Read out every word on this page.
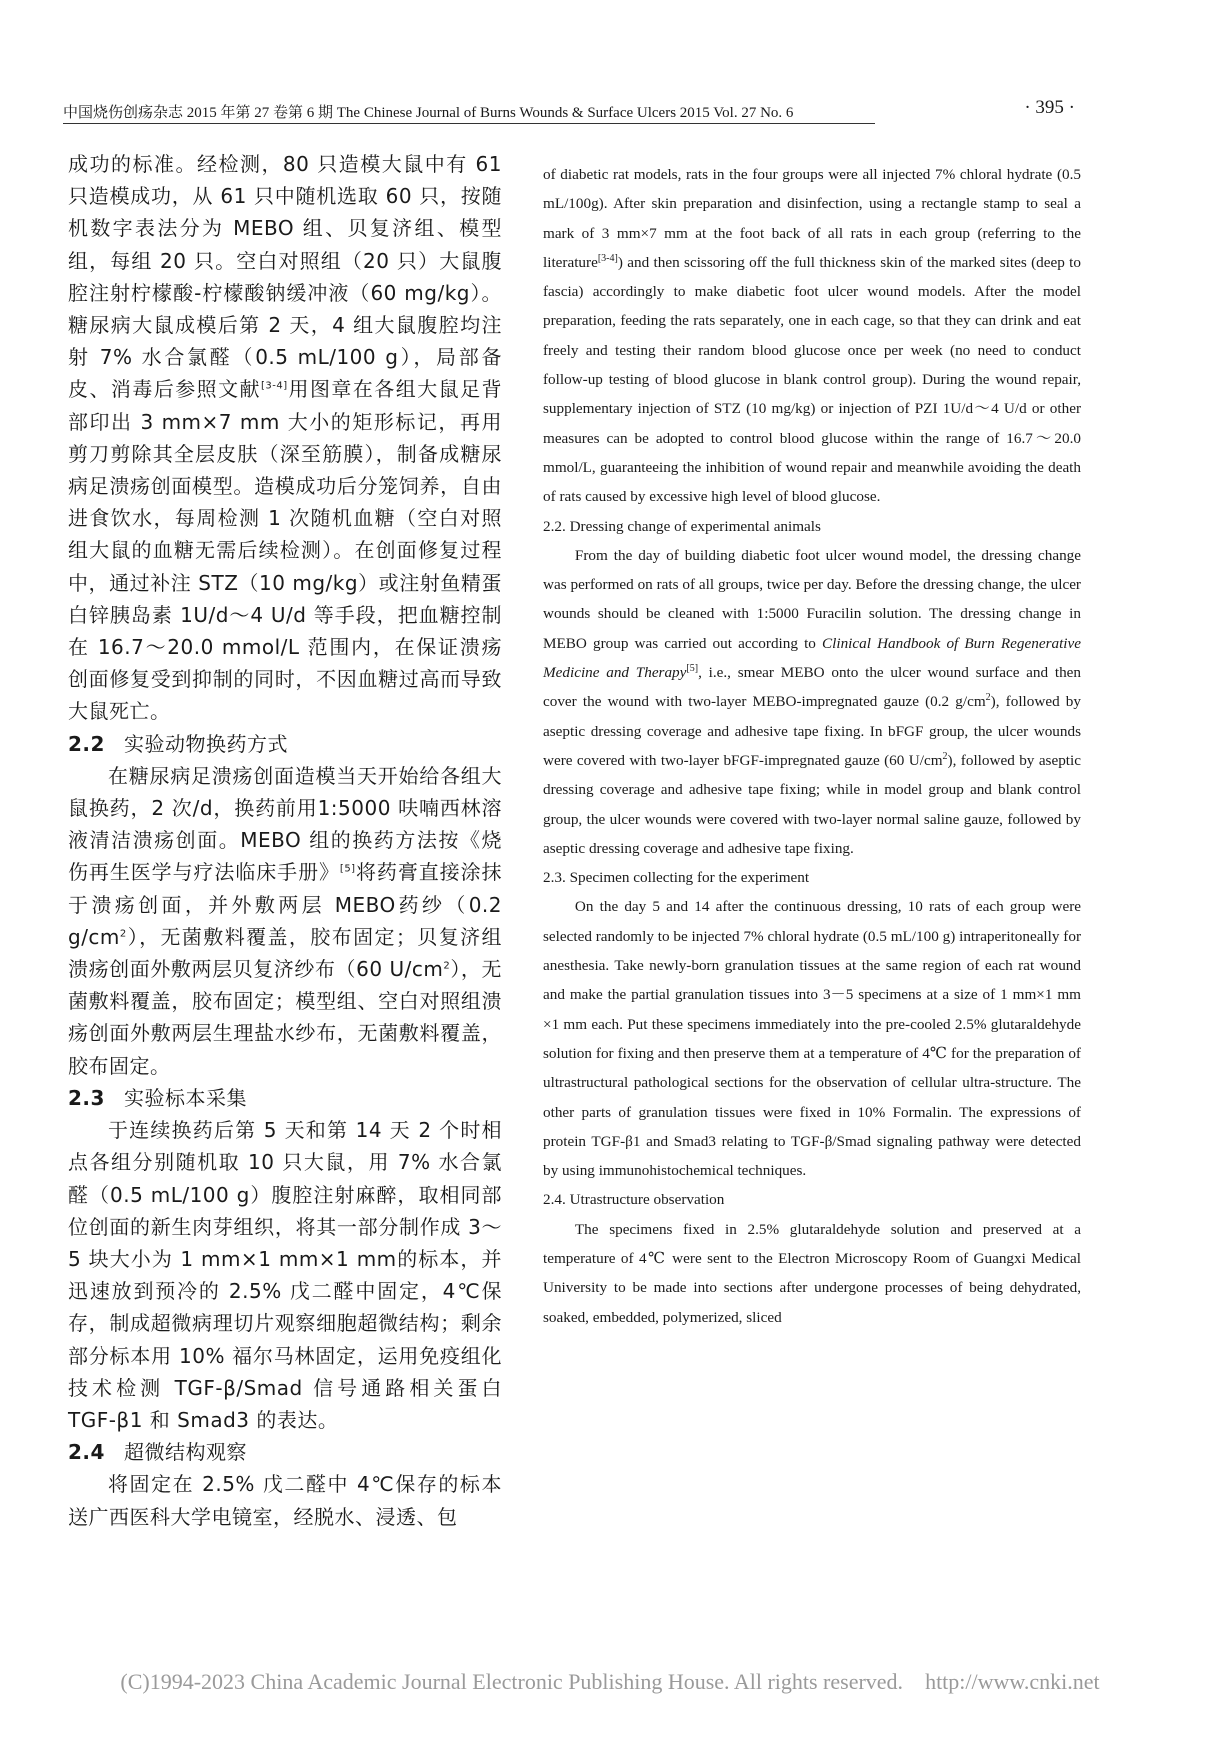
中国烧伤创疡杂志 2015 年第 27 卷第 6 期 The Chinese Journal of Burns Wounds & Surface Ulcers 2015 Vol. 27 No. 6	· 395 ·

成功的标准。经检测，80 只造模大鼠中有 61 只造模成功，从 61 只中随机选取 60 只，按随机数字表法分为 MEBO 组、贝复济组、模型组，每组 20 只。空白对照组（20 只）大鼠腹腔注射柠檬酸-柠檬酸钠缓冲液（60 mg/kg）。糖尿病大鼠成模后第 2 天，4 组大鼠腹腔均注射 7% 水合氯醛（0.5 mL/100 g），局部备皮、消毒后参照文献[3-4]用图章在各组大鼠足背部印出 3 mm×7 mm 大小的矩形标记，再用剪刀剪除其全层皮肤（深至筋膜），制备成糖尿病足溃疡创面模型。造模成功后分笼饲养，自由进食饮水，每周检测 1 次随机血糖（空白对照组大鼠的血糖无需后续检测）。在创面修复过程中，通过补注 STZ（10 mg/kg）或注射鱼精蛋白锌胰岛素 1U/d～4 U/d 等手段，把血糖控制在 16.7～20.0 mmol/L 范围内，在保证溃疡创面修复受到抑制的同时，不因血糖过高而导致大鼠死亡。

2.2 实验动物换药方式

在糖尿病足溃疡创面造模当天开始给各组大鼠换药，2 次/d，换药前用1:5000 呋喃西林溶液清洁溃疡创面。MEBO 组的换药方法按《烧伤再生医学与疗法临床手册》[5]将药膏直接涂抹于溃疡创面，并外敷两层 MEBO药纱（0.2 $g/cm^2$），无菌敷料覆盖，胶布固定；贝复济组溃疡创面外敷两层贝复济纱布（60 $U/cm^2$），无菌敷料覆盖，胶布固定；模型组、空白对照组溃疡创面外敷两层生理盐水纱布，无菌敷料覆盖，胶布固定。

2.3 实验标本采集

于连续换药后第 5 天和第 14 天 2 个时相点各组分别随机取 10 只大鼠，用 7% 水合氯醛（0.5 mL/100 g）腹腔注射麻醉，取相同部位创面的新生肉芽组织，将其一部分制作成 3～5 块大小为 1 mm×1 mm×1 mm的标本，并迅速放到预冷的 2.5% 戊二醛中固定，4℃保存，制成超微病理切片观察细胞超微结构；剩余部分标本用 10% 福尔马林固定，运用免疫组化技术检测 TGF-β/Smad 信号通路相关蛋白 TGF-β1 和 Smad3 的表达。

2.4 超微结构观察

将固定在 2.5% 戊二醛中 4℃保存的标本送广西医科大学电镜室，经脱水、浸透、包

of diabetic rat models, rats in the four groups were all injected 7% chloral hydrate (0.5 mL/100g). After skin preparation and disinfection, using a rectangle stamp to seal a mark of 3 mm×7 mm at the foot back of all rats in each group (referring to the literature[3-4]) and then scissoring off the full thickness skin of the marked sites (deep to fascia) accordingly to make diabetic foot ulcer wound models. After the model preparation, feeding the rats separately, one in each cage, so that they can drink and eat freely and testing their random blood glucose once per week (no need to conduct follow-up testing of blood glucose in blank control group). During the wound repair, supplementary injection of STZ (10 mg/kg) or injection of PZI 1U/d～4 U/d or other measures can be adopted to control blood glucose within the range of 16.7～20.0 mmol/L, guaranteeing the inhibition of wound repair and meanwhile avoiding the death of rats caused by excessive high level of blood glucose.

2.2. Dressing change of experimental animals

From the day of building diabetic foot ulcer wound model, the dressing change was performed on rats of all groups, twice per day. Before the dressing change, the ulcer wounds should be cleaned with 1:5000 Furacilin solution. The dressing change in MEBO group was carried out according to Clinical Handbook of Burn Regenerative Medicine and Therapy[5], i.e., smear MEBO onto the ulcer wound surface and then cover the wound with two-layer MEBO-impregnated gauze (0.2 $g/cm^2$), followed by aseptic dressing coverage and adhesive tape fixing. In bFGF group, the ulcer wounds were covered with two-layer bFGF-impregnated gauze (60 $U/cm^2$), followed by aseptic dressing coverage and adhesive tape fixing; while in model group and blank control group, the ulcer wounds were covered with two-layer normal saline gauze, followed by aseptic dressing coverage and adhesive tape fixing.

2.3. Specimen collecting for the experiment

On the day 5 and 14 after the continuous dressing, 10 rats of each group were selected randomly to be injected 7% chloral hydrate (0.5 mL/100 g) intraperitoneally for anesthesia. Take newly-born granulation tissues at the same region of each rat wound and make the partial granulation tissues into 3－5 specimens at a size of 1 mm×1 mm ×1 mm each. Put these specimens immediately into the pre-cooled 2.5% glutaraldehyde solution for fixing and then preserve them at a temperature of 4℃ for the preparation of ultrastructural pathological sections for the observation of cellular ultra-structure. The other parts of granulation tissues were fixed in 10% Formalin. The expressions of protein TGF-β1 and Smad3 relating to TGF-β/Smad signaling pathway were detected by using immunohistochemical techniques.

2.4. Utrastructure observation

The specimens fixed in 2.5% glutaraldehyde solution and preserved at a temperature of 4℃ were sent to the Electron Microscopy Room of Guangxi Medical University to be made into sections after undergone processes of being dehydrated, soaked, embedded, polymerized, sliced

(C)1994-2023 China Academic Journal Electronic Publishing House. All rights reserved. http://www.cnki.net
